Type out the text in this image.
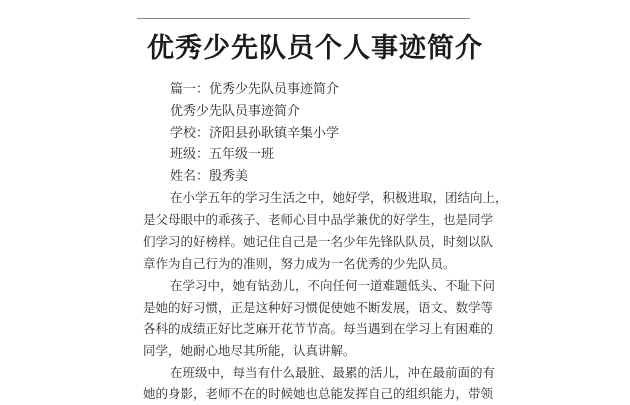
优秀少先队员个人事迹简介
篇一：优秀少先队员事迹简介
优秀少先队员事迹简介
学校：济阳县孙耿镇辛集小学
班级：五年级一班
姓名：殷秀美
在小学五年的学习生活之中，她好学，积极进取，团结向上，
是父母眼中的乖孩子、老师心目中品学兼优的好学生，也是同学
们学习的好榜样。她记住自己是一名少年先锋队队员，时刻以队
章作为自己行为的准则，努力成为一名优秀的少先队员。
在学习中，她有钻劲儿，不向任何一道难题低头、不耻下问
是她的好习惯，正是这种好习惯促使她不断发展，语文、数学等
各科的成绩正好比芝麻开花节节高。每当遇到在学习上有困难的
同学，她耐心地尽其所能，认真讲解。
在班级中，每当有什么最脏、最累的活儿，冲在最前面的有
她的身影，老师不在的时候她也总能发挥自己的组织能力，带领
